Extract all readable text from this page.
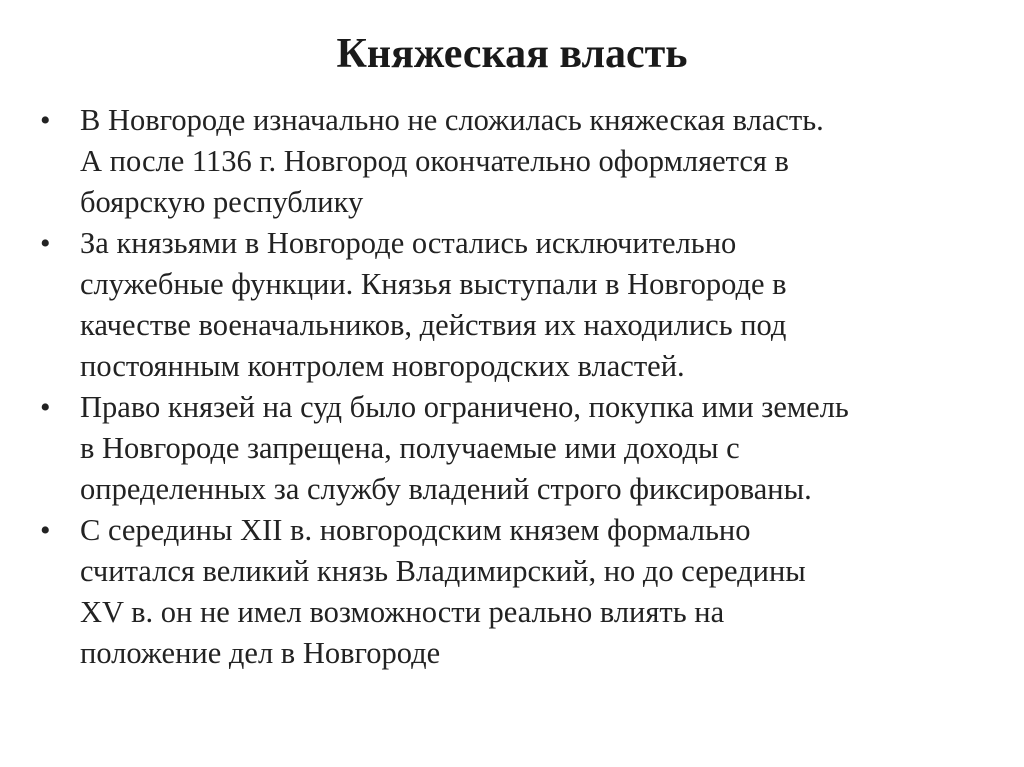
Княжеская власть
• В Новгороде изначально не сложилась княжеская власть.
А после 1136 г. Новгород окончательно оформляется в
боярскую республику
• За князьями в Новгороде остались исключительно
служебные функции. Князья выступали в Новгороде в
качестве военачальников, действия их находились под
постоянным контролем новгородских властей.
• Право князей на суд было ограничено, покупка ими земель
в Новгороде запрещена, получаемые ими доходы с
определенных за службу владений строго фиксированы.
• С середины XII в. новгородским князем формально
считался великий князь Владимирский, но до середины
XV в. он не имел возможности реально влиять на
положение дел в Новгороде
